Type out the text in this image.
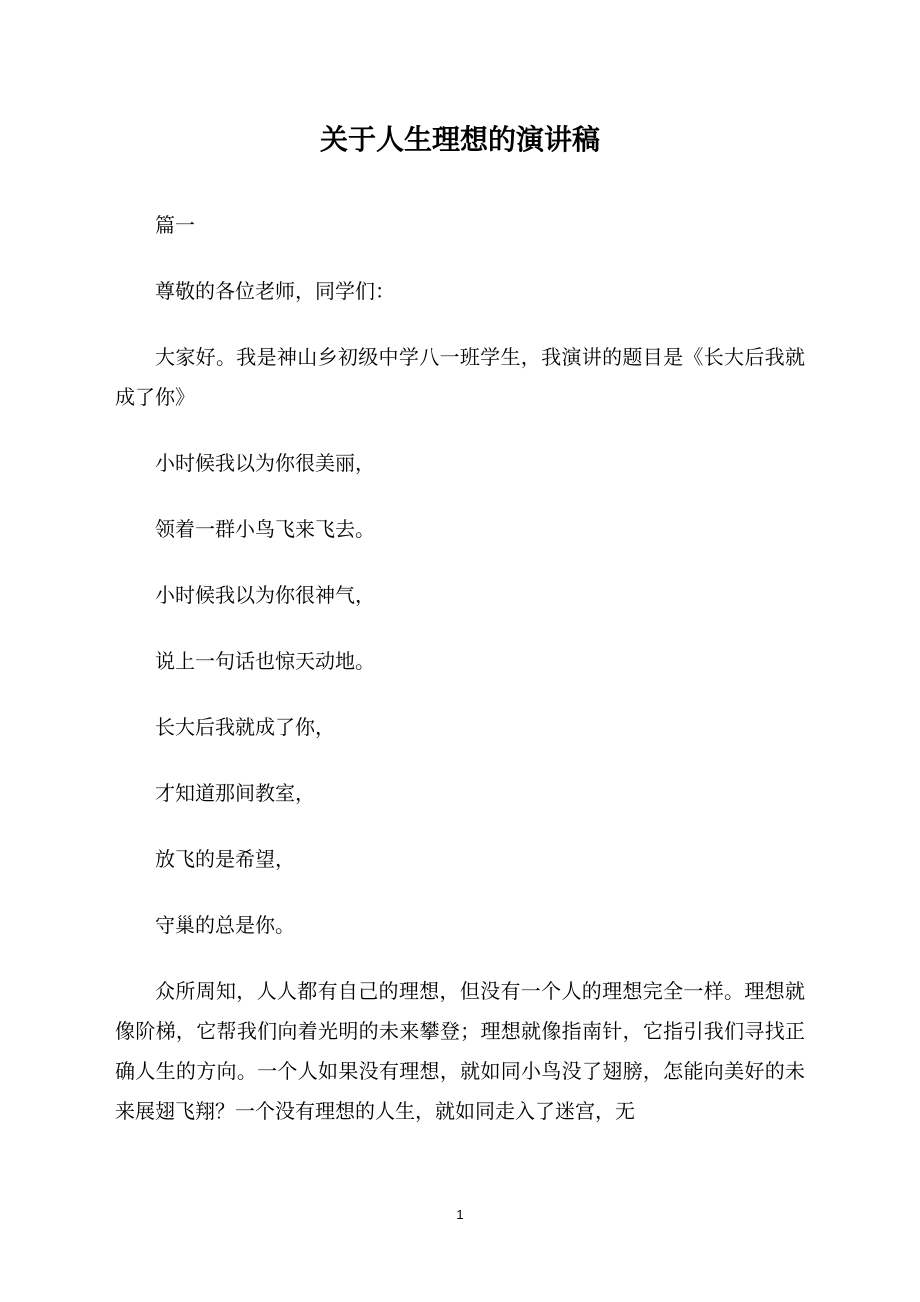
关于人生理想的演讲稿

篇一

尊敬的各位老师，同学们：

大家好。我是神山乡初级中学八一班学生，我演讲的题目是《长大后我就成了你》

小时候我以为你很美丽，

领着一群小鸟飞来飞去。

小时候我以为你很神气，

说上一句话也惊天动地。

长大后我就成了你，

才知道那间教室，

放飞的是希望，

守巢的总是你。

众所周知，人人都有自己的理想，但没有一个人的理想完全一样。理想就像阶梯，它帮我们向着光明的未来攀登；理想就像指南针，它指引我们寻找正确人生的方向。一个人如果没有理想，就如同小鸟没了翅膀，怎能向美好的未来展翅飞翔？一个没有理想的人生，就如同走入了迷宫，无

1
